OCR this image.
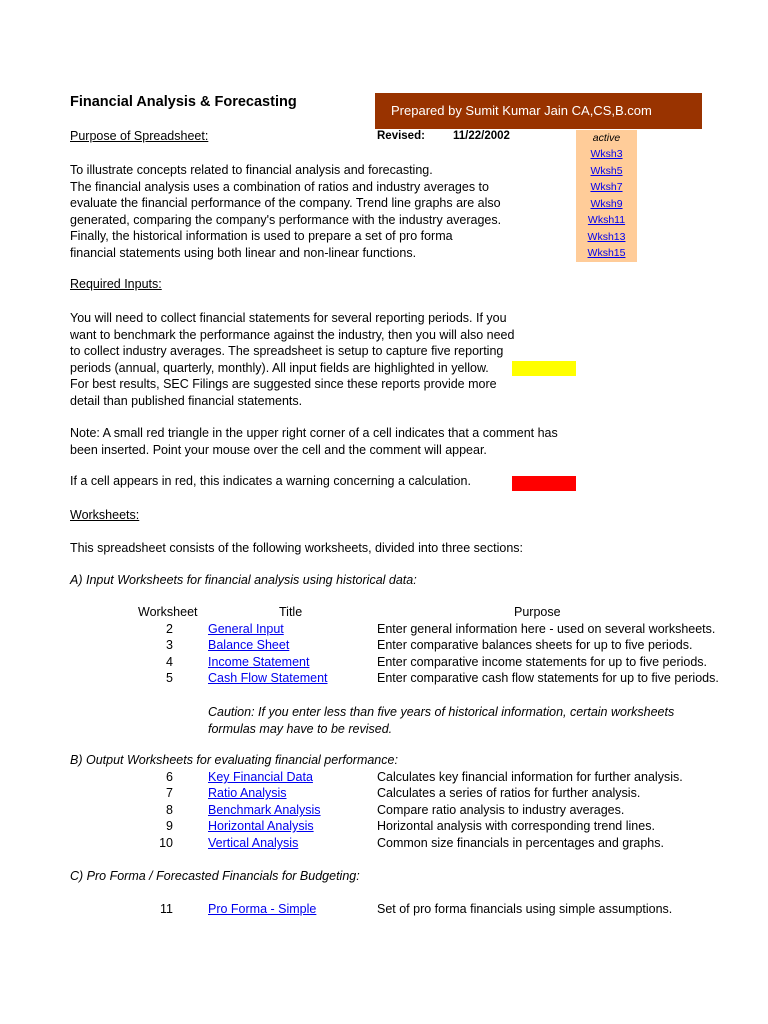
Financial Analysis & Forecasting
Prepared by Sumit Kumar Jain CA,CS,B.com
Revised: 11/22/2002	active
Wksh3
Wksh5
Wksh7
Wksh9
Wksh11
Wksh13
Wksh15
Purpose of Spreadsheet:
To illustrate concepts related to financial analysis and forecasting.
The financial analysis uses a combination of ratios and industry averages to
evaluate the financial performance of the company. Trend line graphs are also
generated, comparing the company's performance with the industry averages.
Finally, the historical information is used to prepare a set of pro forma
financial statements using both linear and non-linear functions.
Required Inputs:
You will need to collect financial statements for several reporting periods. If you
want to benchmark the performance against the industry, then you will also need
to collect industry averages. The spreadsheet is setup to capture five reporting
periods (annual, quarterly, monthly). All input fields are highlighted in yellow.
For best results, SEC Filings are suggested since these reports provide more
detail than published financial statements.
Note: A small red triangle in the upper right corner of a cell indicates that a comment has
been inserted. Point your mouse over the cell and the comment will appear.
If a cell appears in red, this indicates a warning concerning a calculation.
Worksheets:
This spreadsheet consists of the following worksheets, divided into three sections:
A) Input Worksheets for financial analysis using historical data:
Worksheet	Title	Purpose
2	General Input	Enter general information here - used on several worksheets.
3	Balance Sheet	Enter comparative balances sheets for up to five periods.
4	Income Statement	Enter comparative income statements for up to five periods.
5	Cash Flow Statement	Enter comparative cash flow statements for up to five periods.
Caution: If you enter less than five years of historical information, certain worksheets
formulas may have to be revised.
B) Output Worksheets for evaluating financial performance:
6	Key Financial Data	Calculates key financial information for further analysis.
7	Ratio Analysis	Calculates a series of ratios for further analysis.
8	Benchmark Analysis	Compare ratio analysis to industry averages.
9	Horizontal Analysis	Horizontal analysis with corresponding trend lines.
10	Vertical Analysis	Common size financials in percentages and graphs.
C) Pro Forma / Forecasted Financials for Budgeting:
11	Pro Forma - Simple	Set of pro forma financials using simple assumptions.
